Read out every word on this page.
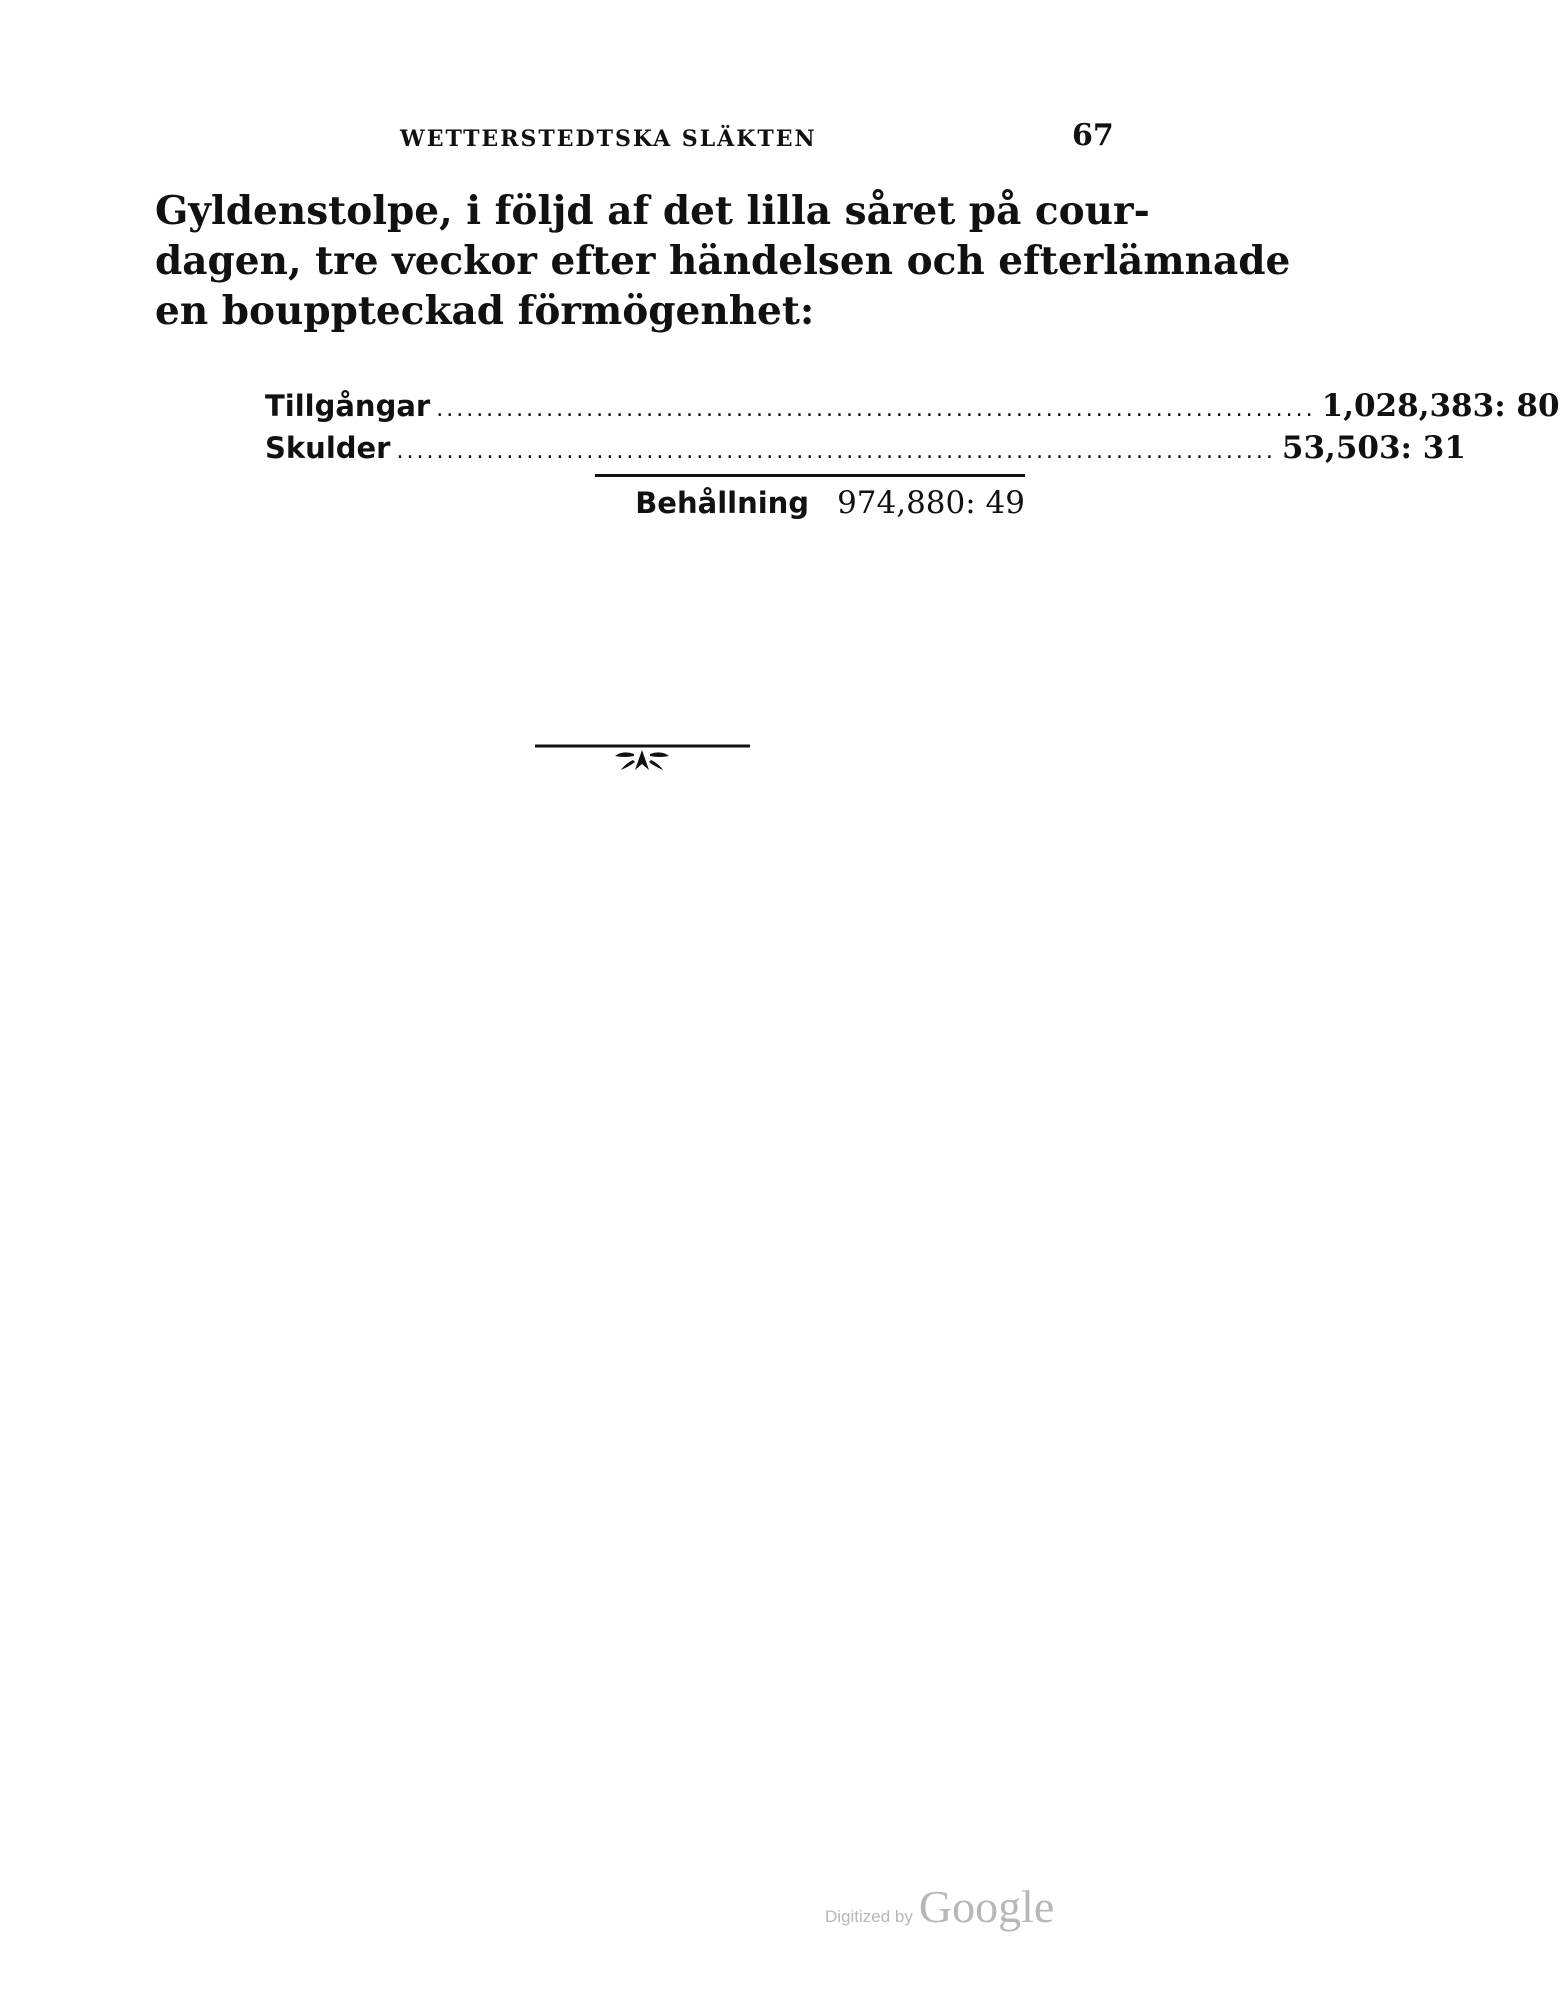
WETTERSTEDTSKA SLÄKTEN	67
Gyldenstolpe, i följd af det lilla såret på cour-
dagen, tre veckor efter händelsen och efterlämnade
en bouppteckad förmögenhet:
Tillgångar ........................................................................................ 1,028,383: 80
Skulder ........................................................................................ 53,503: 31
Behållning 974,880: 49
Digitized by Google
